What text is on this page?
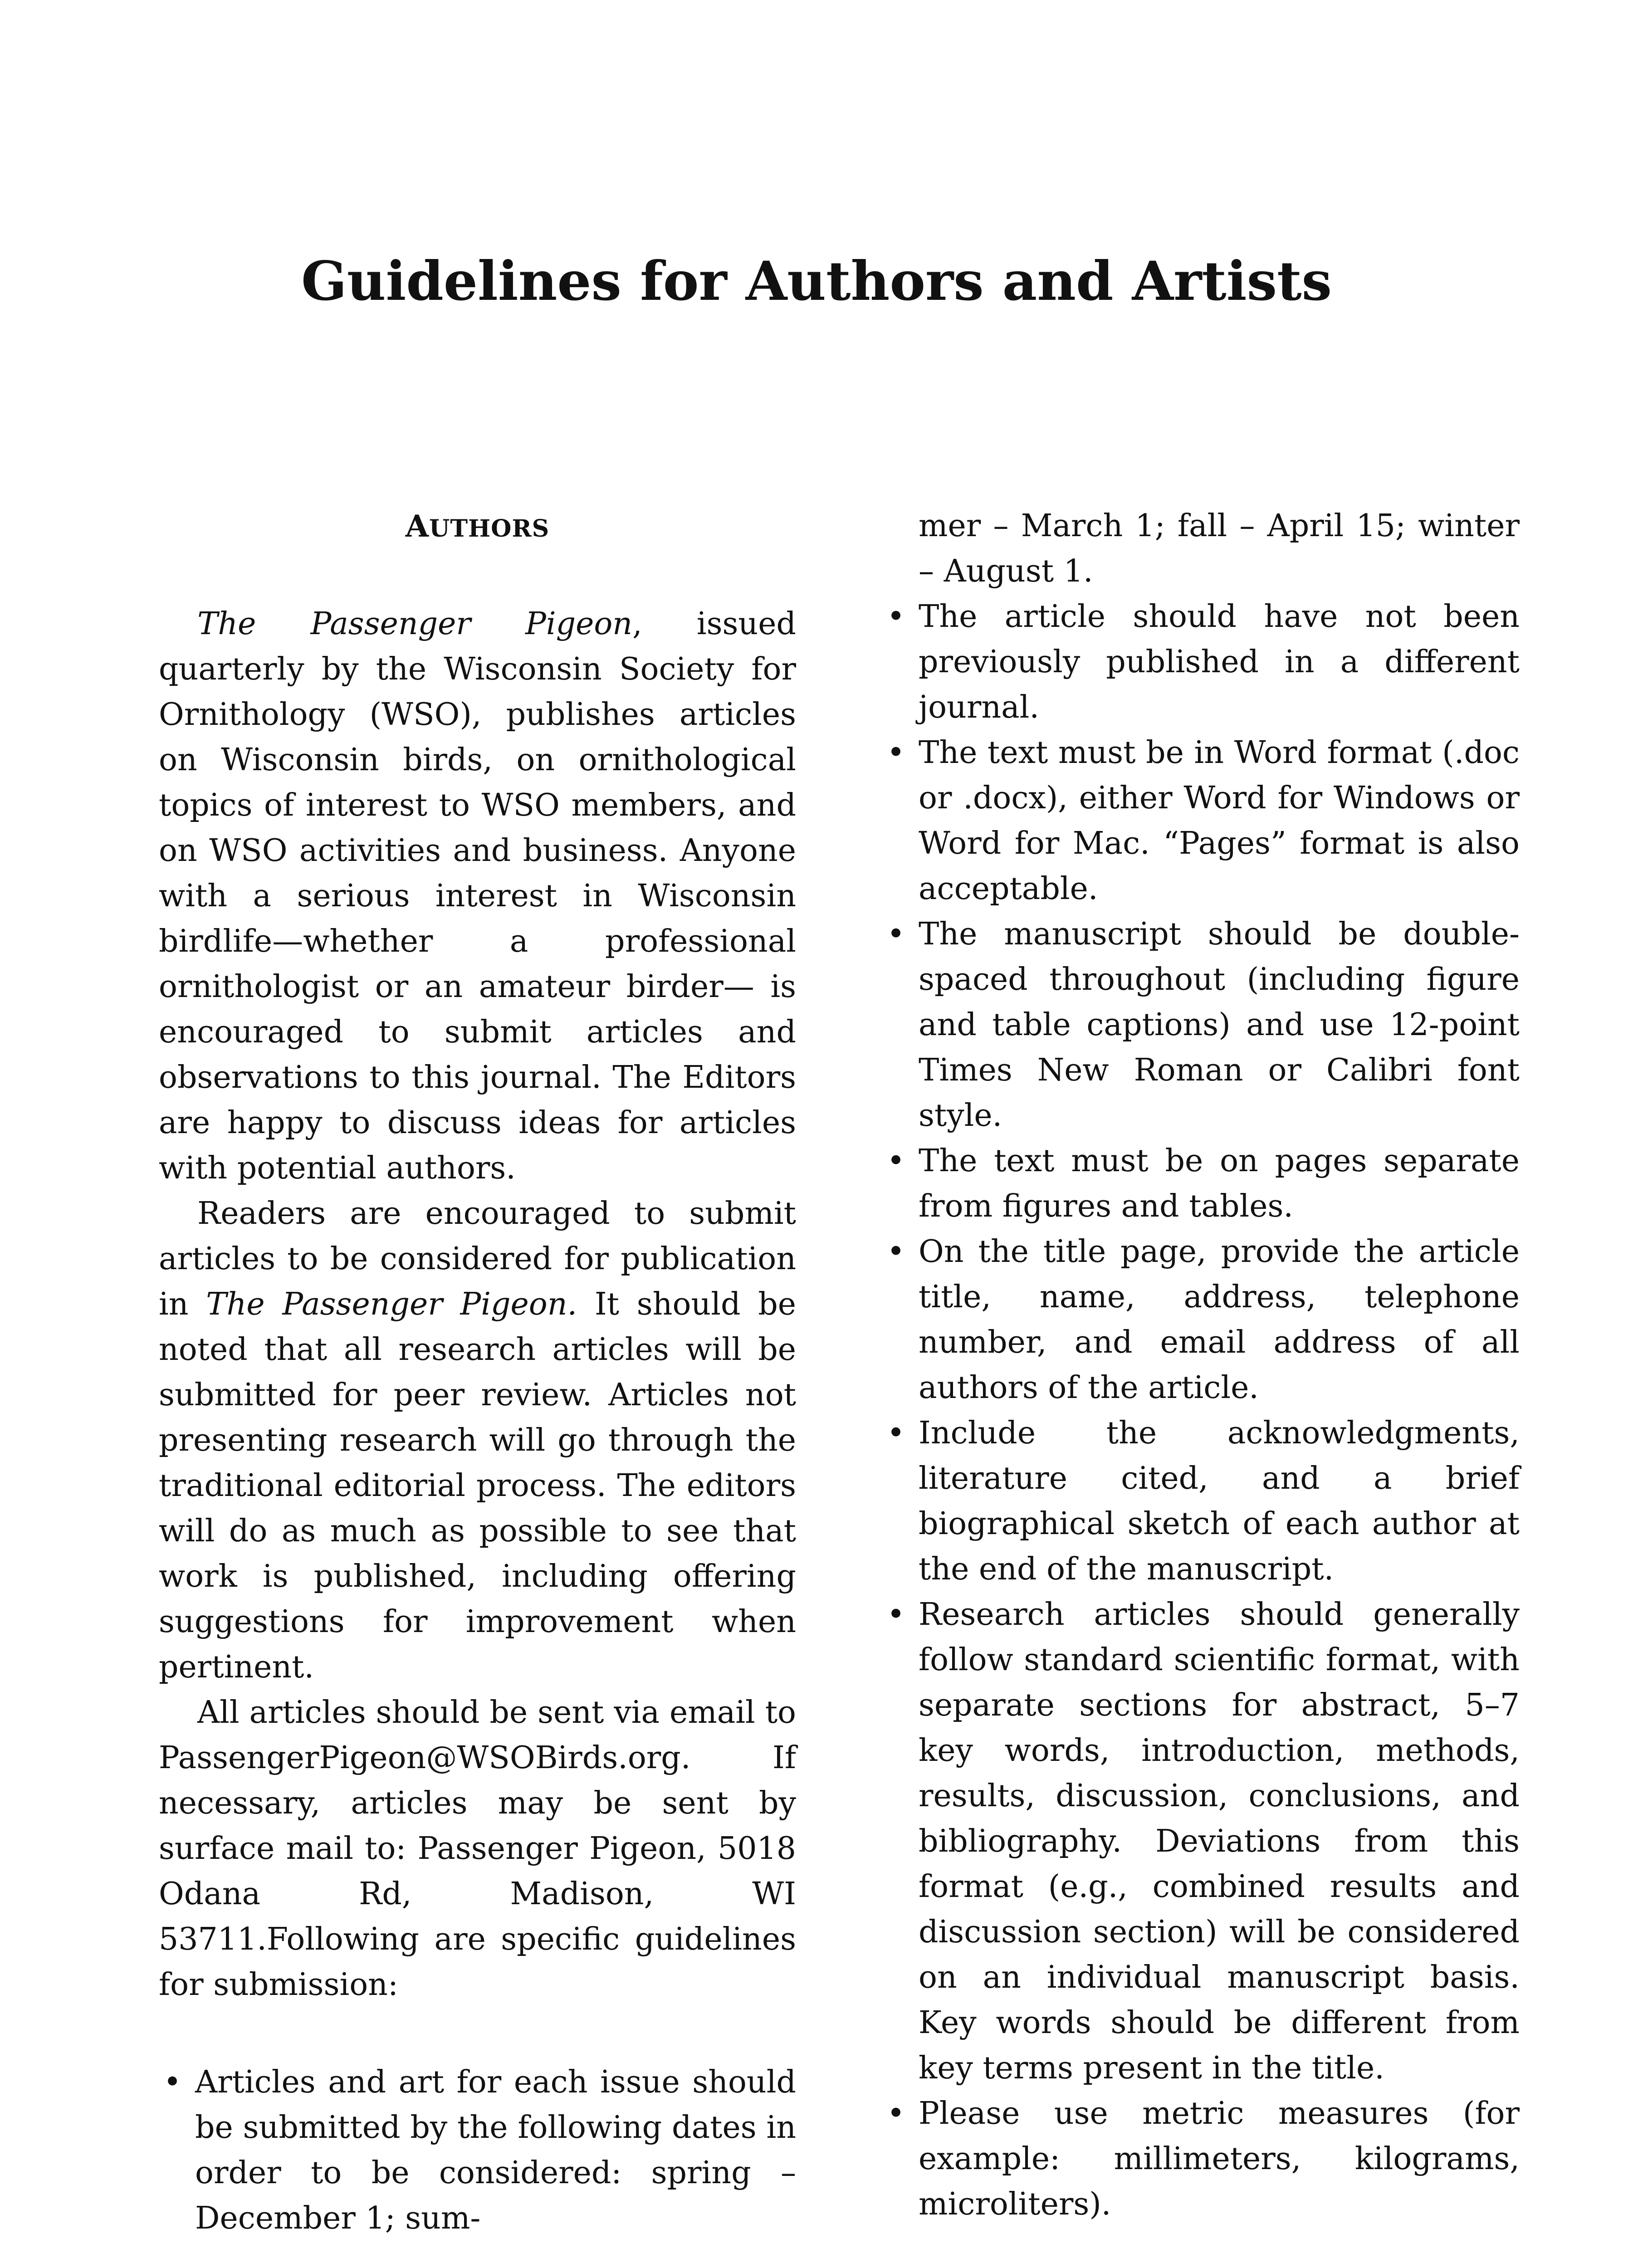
Guidelines for Authors and Artists
AUTHORS

The Passenger Pigeon, issued quarterly by the Wisconsin Society for Ornithology (WSO), publishes articles on Wisconsin birds, on ornithological topics of interest to WSO members, and on WSO activities and business. Anyone with a serious interest in Wisconsin birdlife—whether a professional ornithologist or an amateur birder— is encouraged to submit articles and observations to this journal. The Editors are happy to discuss ideas for articles with potential authors.

Readers are encouraged to submit articles to be considered for publication in The Passenger Pigeon. It should be noted that all research articles will be submitted for peer review. Articles not presenting research will go through the traditional editorial process. The editors will do as much as possible to see that work is published, including offering suggestions for improvement when pertinent.

All articles should be sent via email to PassengerPigeon@WSOBirds.org. If necessary, articles may be sent by surface mail to: Passenger Pigeon, 5018 Odana Rd, Madison, WI 53711.Following are specific guidelines for submission:

• Articles and art for each issue should be submitted by the following dates in order to be considered: spring – December 1; sum-

mer – March 1; fall – April 15; winter – August 1.

• The article should have not been previously published in a different journal.
• The text must be in Word format (.doc or .docx), either Word for Windows or Word for Mac. “Pages” format is also acceptable.
• The manuscript should be double-spaced throughout (including figure and table captions) and use 12-point Times New Roman or Calibri font style.
• The text must be on pages separate from figures and tables.
• On the title page, provide the article title, name, address, telephone number, and email address of all authors of the article.
• Include the acknowledgments, literature cited, and a brief biographical sketch of each author at the end of the manuscript.
• Research articles should generally follow standard scientific format, with separate sections for abstract, 5–7 key words, introduction, methods, results, discussion, conclusions, and bibliography. Deviations from this format (e.g., combined results and discussion section) will be considered on an individual manuscript basis. Key words should be different from key terms present in the title.
• Please use metric measures (for example: millimeters, kilograms, microliters).
